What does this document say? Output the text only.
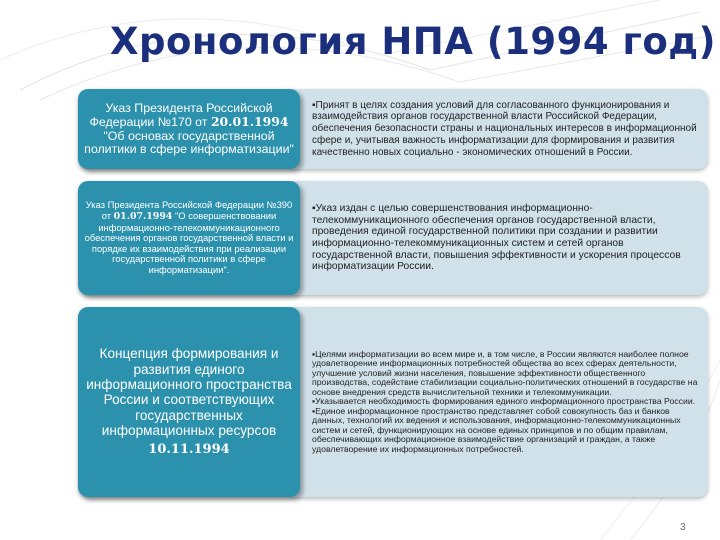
Хронология НПА (1994 год)
Указ Президента Российской Федерации №170 от 20.01.1994 "Об основах государственной политики в сфере информатизации"

▪Принят в целях создания условий для согласованного функционирования и взаимодействия органов государственной власти Российской Федерации, обеспечения безопасности страны и национальных интересов в информационной сфере и, учитывая важность информатизации для формирования и развития качественно новых социально - экономических отношений в России.

Указ Президента Российской Федерации №390 от 01.07.1994 "О совершенствовании информационно-телекоммуникационного обеспечения органов государственной власти и порядке их взаимодействия при реализации государственной политики в сфере информатизации".

▪Указ издан с целью совершенствования информационно-телекоммуникационного обеспечения органов государственной власти, проведения единой государственной политики при создании и развитии информационно-телекоммуникационных систем и сетей органов государственной власти, повышения эффективности и ускорения процессов информатизации России.

Концепция формирования и развития единого информационного пространства России и соответствующих государственных информационных ресурсов
10.11.1994

▪Целями информатизации во всем мире и, в том числе, в России являются наиболее полное удовлетворение информационных потребностей общества во всех сферах деятельности, улучшение условий жизни населения, повышение эффективности общественного производства, содействие стабилизации социально-политических отношений в государстве на основе внедрения средств вычислительной техники и телекоммуникации.

▪Указывается необходимость формирования единого информационного пространства России.

▪Единое информационное пространство представляет собой совокупность баз и банков данных, технологий их ведения и использования, информационно-телекоммуникационных систем и сетей, функционирующих на основе единых принципов и по общим правилам, обеспечивающих информационное взаимодействие организаций и граждан, а также удовлетворение их информационных потребностей.

3
